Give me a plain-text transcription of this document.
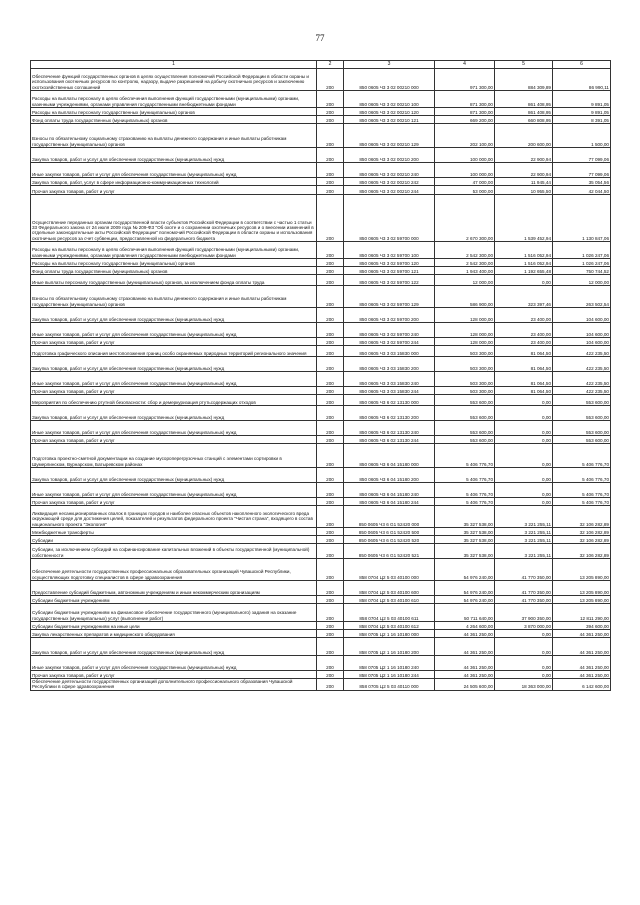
77
1	2	3	4	5	6
Обеспечение функций государственных органов в целях осуществления полномочий Российской Федерации в области охраны и использования охотничьих ресурсов по контролю, надзору, выдаче разрешений на добычу охотничьих ресурсов и заключению охотхозяйственных соглашений	200	850 0605 Ч3 3 02 00210 000	971 300,00	884 309,89	86 990,11
Расходы на выплаты персоналу в целях обеспечения выполнения функций государственными (муниципальными) органами, казенными учреждениями, органами управления государственными внебюджетными фондами	200	850 0605 Ч3 3 02 00210 100	871 300,00	861 408,95	9 891,05
Расходы на выплаты персоналу государственных (муниципальных) органов	200	850 0605 Ч3 3 02 00210 120	871 300,00	861 408,95	9 891,05
Фонд оплаты труда государственных (муниципальных) органов	200	850 0605 Ч3 3 02 00210 121	669 200,00	660 808,95	8 391,05
Взносы по обязательному социальному страхованию на выплаты денежного содержания и иные выплаты работникам государственных (муниципальных) органов	200	850 0605 Ч3 3 02 00210 129	202 100,00	200 600,00	1 500,00
Закупка товаров, работ и услуг для обеспечения государственных (муниципальных) нужд	200	850 0605 Ч3 3 02 00210 200	100 000,00	22 900,94	77 099,06
Иные закупки товаров, работ и услуг для обеспечения государственных (муниципальных) нужд	200	850 0605 Ч3 3 02 00210 240	100 000,00	22 900,94	77 099,06
Закупка товаров, работ, услуг в сфере информационно-коммуникационных технологий	200	850 0605 Ч3 3 02 00210 242	47 000,00	11 945,44	35 054,56
Прочая закупка товаров, работ и услуг	200	850 0605 Ч3 3 02 00210 244	53 000,00	10 955,50	42 044,50
Осуществление переданных органам государственной власти субъектов Российской Федерации в соответствии с частью 1 статьи 33 Федерального закона от 24 июля 2009 года № 209-ФЗ "Об охоте и о сохранении охотничьих ресурсов и о внесении изменений в отдельные законодательные акты Российской Федерации" полномочий Российской Федерации в области охраны и использования охотничьих ресурсов за счет субвенции, предоставленной из федерального бюджета	200	850 0605 Ч3 3 02 59700 000	2 670 300,00	1 539 452,94	1 130 847,06
Расходы на выплаты персоналу в целях обеспечения выполнения функций государственными (муниципальными) органами, казенными учреждениями, органами управления государственными внебюджетными фондами	200	850 0605 Ч3 3 02 59700 100	2 542 300,00	1 516 052,94	1 026 247,06
Расходы на выплаты персоналу государственных (муниципальных) органов	200	850 0605 Ч3 3 02 59700 120	2 542 300,00	1 516 052,94	1 026 247,06
Фонд оплаты труда государственных (муниципальных) органов	200	850 0605 Ч3 3 02 59700 121	1 943 400,00	1 192 655,48	750 744,52
Иные выплаты персоналу государственных (муниципальных) органов, за исключением фонда оплаты труда	200	850 0605 Ч3 3 02 59700 122	12 000,00	0,00	12 000,00
Взносы по обязательному социальному страхованию на выплаты денежного содержания и иные выплаты работникам государственных (муниципальных) органов	200	850 0605 Ч3 3 02 59700 129	586 900,00	323 397,46	263 502,54
Закупка товаров, работ и услуг для обеспечения государственных (муниципальных) нужд	200	850 0605 Ч3 3 02 59700 200	128 000,00	23 400,00	104 600,00
Иные закупки товаров, работ и услуг для обеспечения государственных (муниципальных) нужд	200	850 0605 Ч3 3 02 59700 240	128 000,00	23 400,00	104 600,00
Прочая закупка товаров, работ и услуг	200	850 0605 Ч3 3 02 59700 244	128 000,00	23 400,00	104 600,00
Подготовка графического описания местоположения границ особо охраняемых природных территорий регионального значения	200	850 0605 Ч3 3 03 15830 000	503 300,00	81 064,50	422 235,50
Закупка товаров, работ и услуг для обеспечения государственных (муниципальных) нужд	200	850 0605 Ч3 3 03 15830 200	503 300,00	81 064,50	422 235,50
Иные закупки товаров, работ и услуг для обеспечения государственных (муниципальных) нужд	200	850 0605 Ч3 3 03 15830 240	503 300,00	81 064,50	422 235,50
Прочая закупка товаров, работ и услуг	200	850 0605 Ч3 3 03 15830 244	503 300,00	81 064,50	422 235,50
Мероприятия по обеспечению ртутной безопасности: сбор и демеркуризация ртутьсодержащих отходов	200	850 0605 Ч3 6 02 13130 000	553 600,00	0,00	553 600,00
Закупка товаров, работ и услуг для обеспечения государственных (муниципальных) нужд	200	850 0605 Ч3 6 02 13130 200	553 600,00	0,00	553 600,00
Иные закупки товаров, работ и услуг для обеспечения государственных (муниципальных) нужд	200	850 0605 Ч3 6 02 13130 240	553 600,00	0,00	553 600,00
Прочая закупка товаров, работ и услуг	200	850 0605 Ч3 6 02 13130 244	553 600,00	0,00	553 600,00
Подготовка проектно-сметной документации на создание мусороперегрузочных станций с элементами сортировки в Шумерлинском, Вурнарском, Батыревском районах	200	850 0605 Ч3 6 04 15180 000	5 406 776,70	0,00	5 406 776,70
Закупка товаров, работ и услуг для обеспечения государственных (муниципальных) нужд	200	850 0605 Ч3 6 04 15180 200	5 406 776,70	0,00	5 406 776,70
Иные закупки товаров, работ и услуг для обеспечения государственных (муниципальных) нужд	200	850 0605 Ч3 6 04 15180 240	5 406 776,70	0,00	5 406 776,70
Прочая закупка товаров, работ и услуг	200	850 0605 Ч3 6 04 15180 244	5 406 776,70	0,00	5 406 776,70
Ликвидация несанкционированных свалок в границах городов и наиболее опасных объектов накопленного экологического вреда окружающей среде для достижения целей, показателей и результатов федерального проекта "Чистая страна", входящего в состав национального проекта "Экология"	200	850 0605 Ч3 6 G1 52420 000	35 327 538,00	3 221 255,11	32 106 282,89
Межбюджетные трансферты	200	850 0605 Ч3 6 G1 52420 500	35 327 538,00	3 221 255,11	32 106 282,89
Субсидии	200	850 0605 Ч3 6 G1 52420 520	35 327 538,00	3 221 255,11	32 106 282,89
Субсидии, за исключением субсидий на софинансирование капитальных вложений в объекты государственной (муниципальной) собственности	200	850 0605 Ч3 6 G1 52420 521	35 327 538,00	3 221 255,11	32 106 282,89
Обеспечение деятельности государственных профессиональных образовательных организаций Чувашской Республики, осуществляющих подготовку специалистов в сфере здравоохранения	200	858 0704 Ц2 5 03 40100 000	54 976 240,00	41 770 350,00	13 205 890,00
Предоставление субсидий бюджетным, автономным учреждениям и иным некоммерческим организациям	200	858 0704 Ц2 5 03 40100 600	54 976 240,00	41 770 350,00	13 205 890,00
Субсидии бюджетным учреждениям	200	858 0704 Ц2 5 03 40100 610	54 976 240,00	41 770 350,00	13 205 890,00
Субсидии бюджетным учреждениям на финансовое обеспечение государственного (муниципального) задания на оказание государственных (муниципальных) услуг (выполнение работ)	200	858 0704 Ц2 5 03 40100 611	50 711 640,00	37 900 350,00	12 811 290,00
Субсидии бюджетным учреждениям на иные цели	200	858 0704 Ц2 5 03 40100 612	4 264 600,00	3 870 000,00	394 600,00
Закупка лекарственных препаратов и медицинского оборудования	200	858 0705 Ц2 1 16 10180 000	44 361 250,00	0,00	44 361 250,00
Закупка товаров, работ и услуг для обеспечения государственных (муниципальных) нужд	200	858 0705 Ц2 1 16 10180 200	44 361 250,00	0,00	44 361 250,00
Иные закупки товаров, работ и услуг для обеспечения государственных (муниципальных) нужд	200	858 0705 Ц2 1 16 10180 240	44 361 250,00	0,00	44 361 250,00
Прочая закупка товаров, работ и услуг	200	858 0705 Ц2 1 16 10180 244	44 361 250,00	0,00	44 361 250,00
Обеспечение деятельности государственных организаций дополнительного профессионального образования Чувашской Республики в сфере здравоохранения	200	858 0705 Ц2 5 03 40110 000	24 505 600,00	18 363 000,00	6 142 600,00
